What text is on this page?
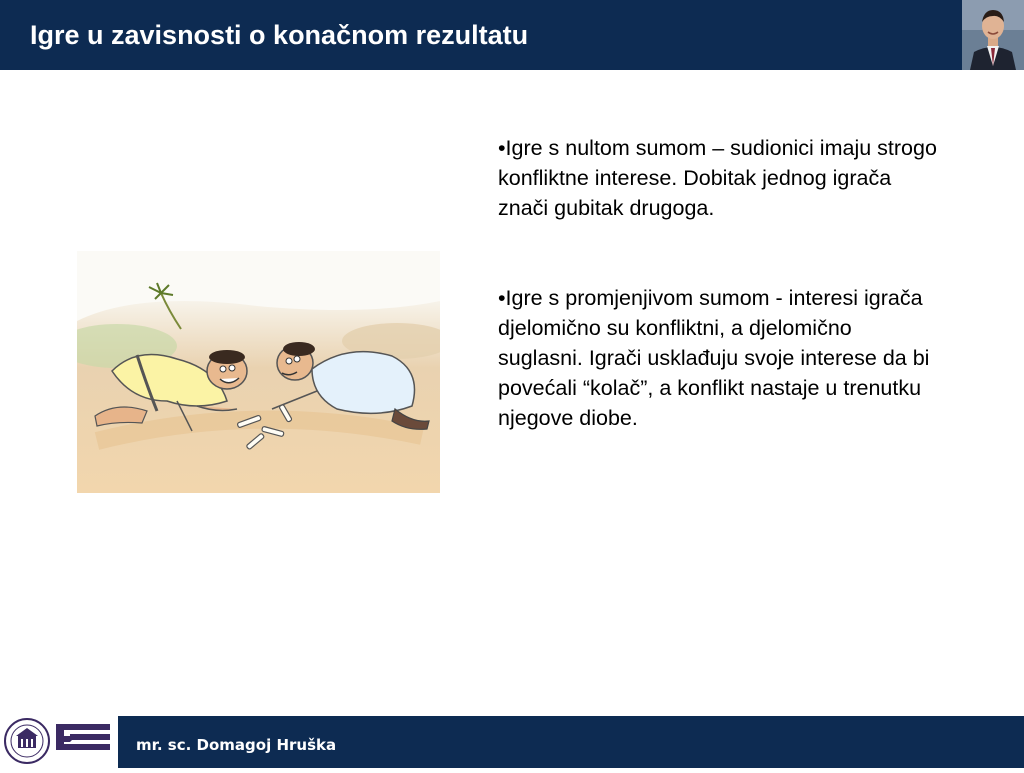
Igre u zavisnosti o konačnom rezultatu

•Igre s nultom sumom – sudionici imaju strogo konfliktne interese. Dobitak jednog igrača znači gubitak drugoga.

•Igre s promjenjivom sumom - interesi igrača djelomično su konfliktni, a djelomično suglasni. Igrači usklađuju svoje interese da bi povećali “kolač”, a konflikt nastaje u trenutku njegove diobe.

mr. sc. Domagoj Hruška
